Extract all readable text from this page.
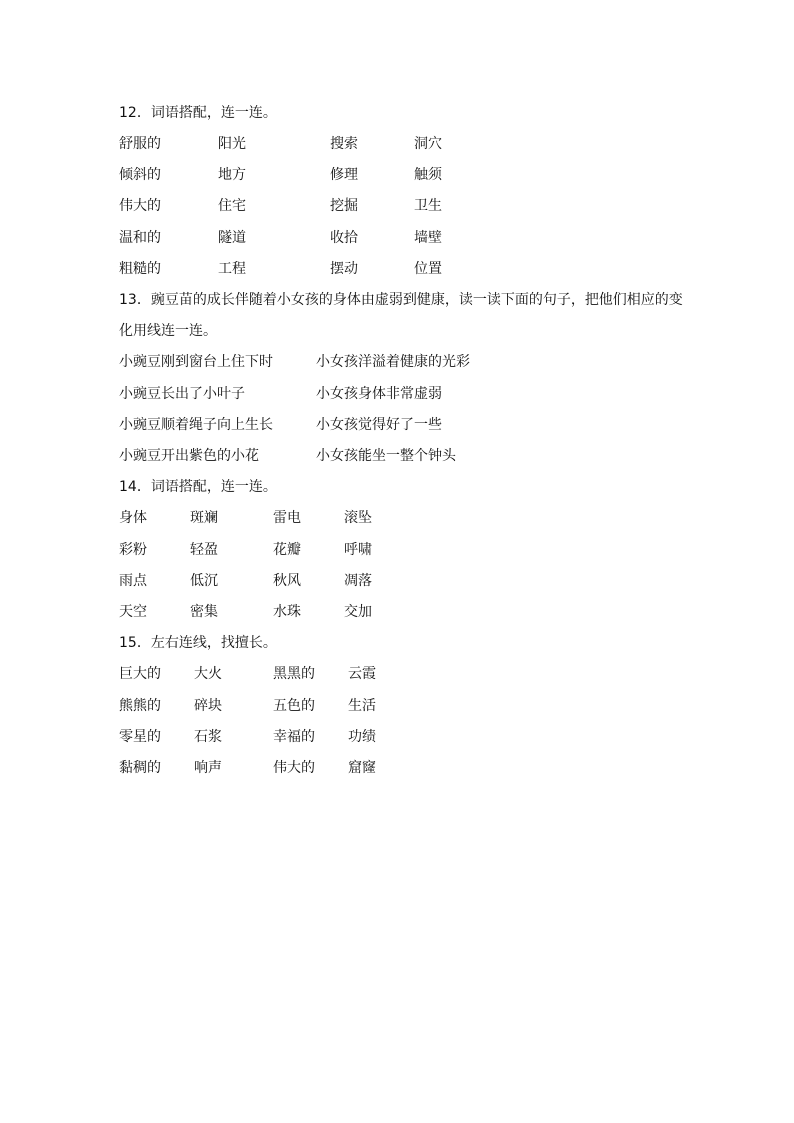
12．词语搭配，连一连。
舒服的	阳光	搜索	洞穴
倾斜的	地方	修理	触须
伟大的	住宅	挖掘	卫生
温和的	隧道	收拾	墙壁
粗糙的	工程	摆动	位置
13．豌豆苗的成长伴随着小女孩的身体由虚弱到健康，读一读下面的句子，把他们相应的变
化用线连一连。
小豌豆刚到窗台上住下时	小女孩洋溢着健康的光彩
小豌豆长出了小叶子	小女孩身体非常虚弱
小豌豆顺着绳子向上生长	小女孩觉得好了一些
小豌豆开出紫色的小花	小女孩能坐一整个钟头
14．词语搭配，连一连。
身体	斑斓	雷电	滚坠
彩粉	轻盈	花瓣	呼啸
雨点	低沉	秋风	凋落
天空	密集	水珠	交加
15．左右连线，找擅长。
巨大的 大火	黑黑的 云霞
熊熊的 碎块	五色的 生活
零星的 石浆	幸福的 功绩
黏稠的 响声	伟大的 窟窿
